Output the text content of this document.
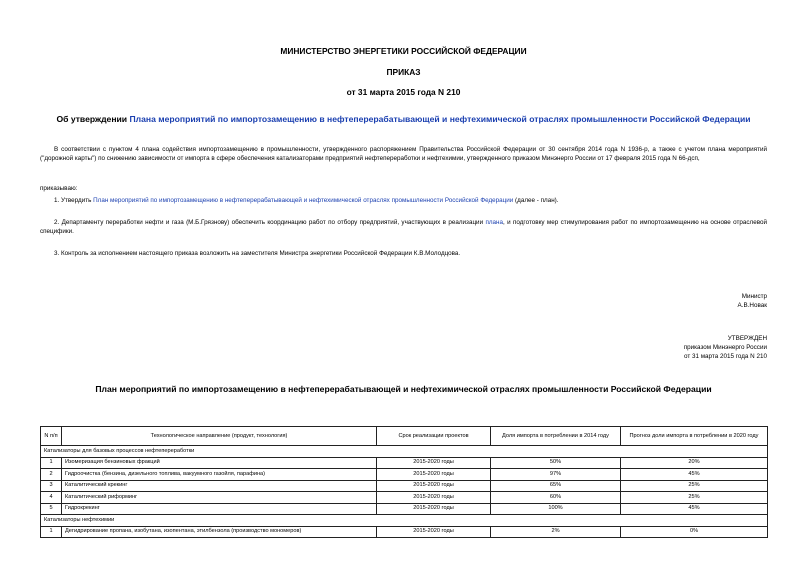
МИНИСТЕРСТВО ЭНЕРГЕТИКИ РОССИЙСКОЙ ФЕДЕРАЦИИ
ПРИКАЗ
от 31 марта 2015 года N 210
Об утверждении Плана мероприятий по импортозамещению в нефтеперерабатывающей и нефтехимической отраслях промышленности Российской Федерации
В соответствии с пунктом 4 плана содействия импортозамещению в промышленности, утвержденного распоряжением Правительства Российской Федерации от 30 сентября 2014 года N 1936-р, а также с учетом плана мероприятий ("дорожной карты") по снижению зависимости от импорта в сфере обеспечения катализаторами предприятий нефтепереработки и нефтехимии, утвержденного приказом Минэнерго России от 17 февраля 2015 года N 66-дсп,
приказываю:
1. Утвердить План мероприятий по импортозамещению в нефтеперерабатывающей и нефтехимической отраслях промышленности Российской Федерации (далее - план).
2. Департаменту переработки нефти и газа (М.Б.Грязнову) обеспечить координацию работ по отбору предприятий, участвующих в реализации плана, и подготовку мер стимулирования работ по импортозамещению на основе отраслевой специфики.
3. Контроль за исполнением настоящего приказа возложить на заместителя Министра энергетики Российской Федерации К.В.Молодцова.
Министр
А.В.Новак
УТВЕРЖДЕН
приказом Минэнерго России
от 31 марта 2015 года N 210
План мероприятий по импортозамещению в нефтеперерабатывающей и нефтехимической отраслях промышленности Российской Федерации
N п/п	Технологическое направление (продукт, технология)	Срок реализации проектов	Доля импорта в потреблении в 2014 году	Прогноз доли импорта в потреблении в 2020 году
Катализаторы для базовых процессов нефтепереработки				
1	Изомеризация бензиновых фракций	2015-2020 годы	50%	20%
2	Гидроочистка (бензина, дизельного топлива, вакуумного газойля, парафина)	2015-2020 годы	97%	45%
3	Каталитический крекинг	2015-2020 годы	65%	25%
4	Каталитический риформинг	2015-2020 годы	60%	25%
5	Гидрокрекинг	2015-2020 годы	100%	45%
Катализаторы нефтехимии				
1	Дегидрирование пропана, изобутана, изопентана, этилбензола (производство мономеров)	2015-2020 годы	2%	0%
